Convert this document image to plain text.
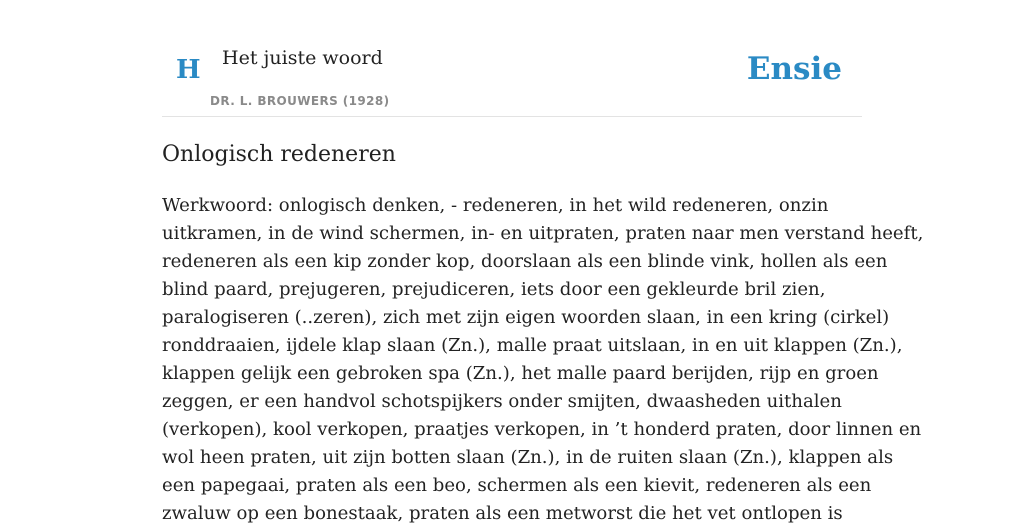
H Het juiste woord
DR. L. BROUWERS (1928)
Ensie
Onlogisch redeneren

Werkwoord: onlogisch denken, - redeneren, in het wild redeneren, onzin
uitkramen, in de wind schermen, in- en uitpraten, praten naar men verstand heeft,
redeneren als een kip zonder kop, doorslaan als een blinde vink, hollen als een
blind paard, prejugeren, prejudiceren, iets door een gekleurde bril zien,
paralogiseren (..zeren), zich met zijn eigen woorden slaan, in een kring (cirkel)
ronddraaien, ijdele klap slaan (Zn.), malle praat uitslaan, in en uit klappen (Zn.),
klappen gelijk een gebroken spa (Zn.), het malle paard berijden, rijp en groen
zeggen, er een handvol schotspijkers onder smijten, dwaasheden uithalen
(verkopen), kool verkopen, praatjes verkopen, in ’t honderd praten, door linnen en
wol heen praten, uit zijn botten slaan (Zn.), in de ruiten slaan (Zn.), klappen als
een papegaai, praten als een beo, schermen als een kievit, redeneren als een
zwaluw op een bonestaak, praten als een metworst die het vet ontlopen is
